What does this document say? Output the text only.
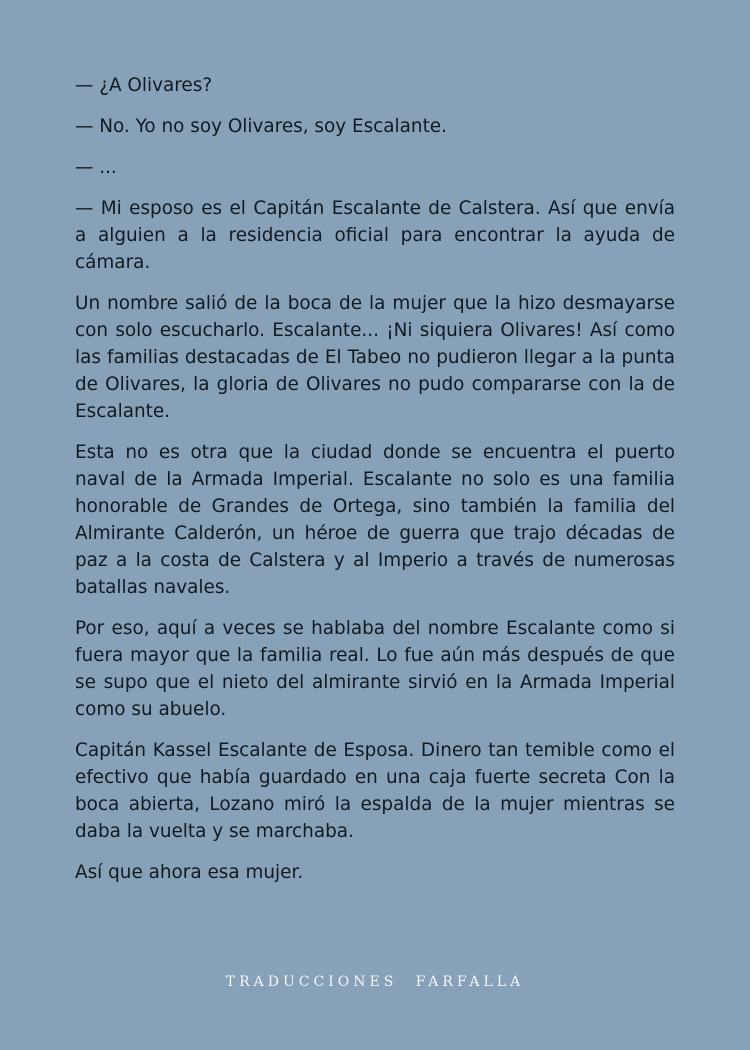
— ¿A Olivares?

— No. Yo no soy Olivares, soy Escalante.

— ...

— Mi esposo es el Capitán Escalante de Calstera. Así que envía a alguien a la residencia oficial para encontrar la ayuda de cámara.

Un nombre salió de la boca de la mujer que la hizo desmayarse con solo escucharlo. Escalante... ¡Ni siquiera Olivares! Así como las familias destacadas de El Tabeo no pudieron llegar a la punta de Olivares, la gloria de Olivares no pudo compararse con la de Escalante.

Esta no es otra que la ciudad donde se encuentra el puerto naval de la Armada Imperial. Escalante no solo es una familia honorable de Grandes de Ortega, sino también la familia del Almirante Calderón, un héroe de guerra que trajo décadas de paz a la costa de Calstera y al Imperio a través de numerosas batallas navales.

Por eso, aquí a veces se hablaba del nombre Escalante como si fuera mayor que la familia real. Lo fue aún más después de que se supo que el nieto del almirante sirvió en la Armada Imperial como su abuelo.

Capitán Kassel Escalante de Esposa. Dinero tan temible como el efectivo que había guardado en una caja fuerte secreta Con la boca abierta, Lozano miró la espalda de la mujer mientras se daba la vuelta y se marchaba.

Así que ahora esa mujer.

TRADUCCIONES FARFALLA
